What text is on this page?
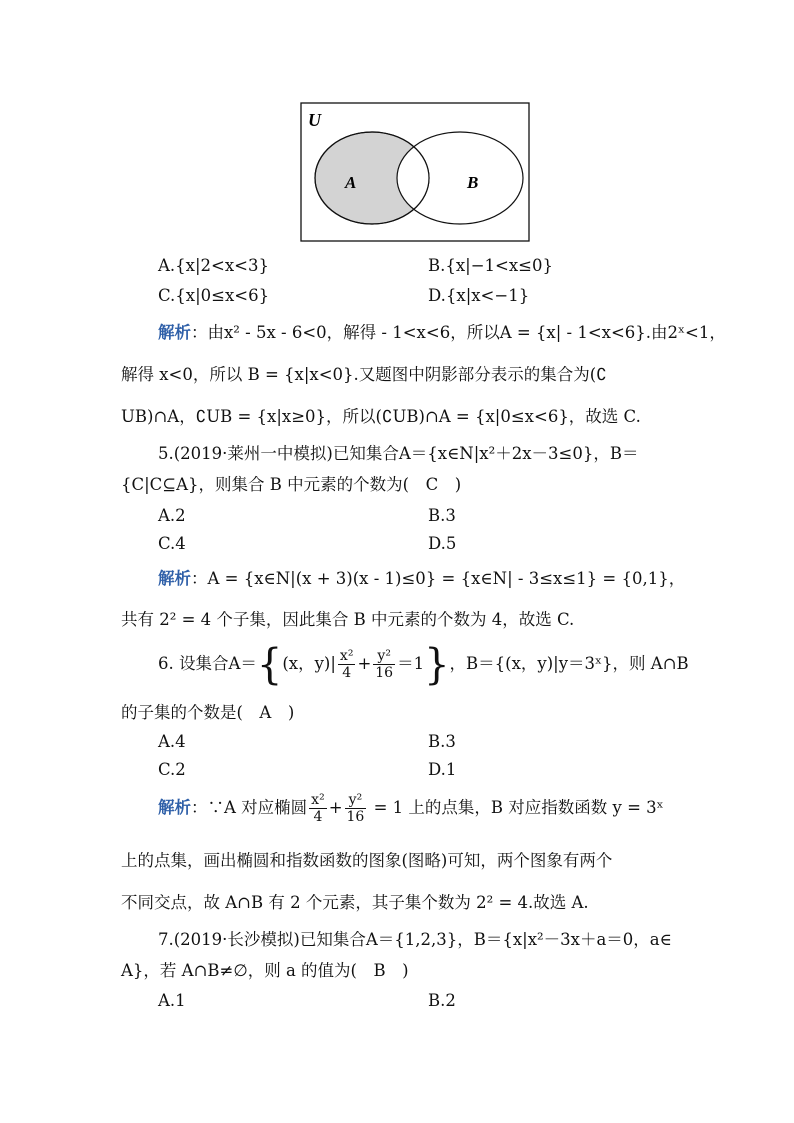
U
A	B
A.{x|2<x<3}	B.{x|−1<x≤0}
C.{x|0≤x<6}	D.{x|x<−1}
解析：由x² ‐ 5x ‐ 6<0，解得 ‐ 1<x<6，所以A = {x| ‐ 1<x<6}.由2ˣ<1，
解得 x<0，所以 B = {x|x<0}.又题图中阴影部分表示的集合为(∁
UB)∩A，∁UB = {x|x≥0}，所以(∁UB)∩A = {x|0≤x<6}，故选 C.
5.(2019·莱州一中模拟)已知集合A＝{x∈N|x²＋2x－3≤0}，B＝
{C|C⊆A}，则集合 B 中元素的个数为(　C　)
A.2	B.3
C.4	D.5
解析：A = {x∈N|(x + 3)(x ‐ 1)≤0} = {x∈N| ‐ 3≤x≤1} = {0,1}，
共有 2² = 4 个子集，因此集合 B 中元素的个数为 4，故选 C.
6. 设集合A＝{(x，$y)| \frac{\text{x²}}{4} + \frac{\text{y²}}{16} =1$}，B＝{(x，y)|y＝3ˣ}，则 A∩B
的子集的个数是(　A　)
A.4	B.3
C.2	D.1
解析：∵A 对应椭圆 $\frac{\text{x²}}{4} + \frac{\text{y²}}{16} = 1$ 上的点集，B 对应指数函数 y = 3ˣ
上的点集，画出椭圆和指数函数的图象(图略)可知，两个图象有两个
不同交点，故 A∩B 有 2 个元素，其子集个数为 2² = 4.故选 A.
7.(2019·长沙模拟)已知集合A＝{1,2,3}，B＝{x|x²－3x＋a＝0，a∈
A}，若 A∩B≠∅，则 a 的值为(　B　)
A.1	B.2
